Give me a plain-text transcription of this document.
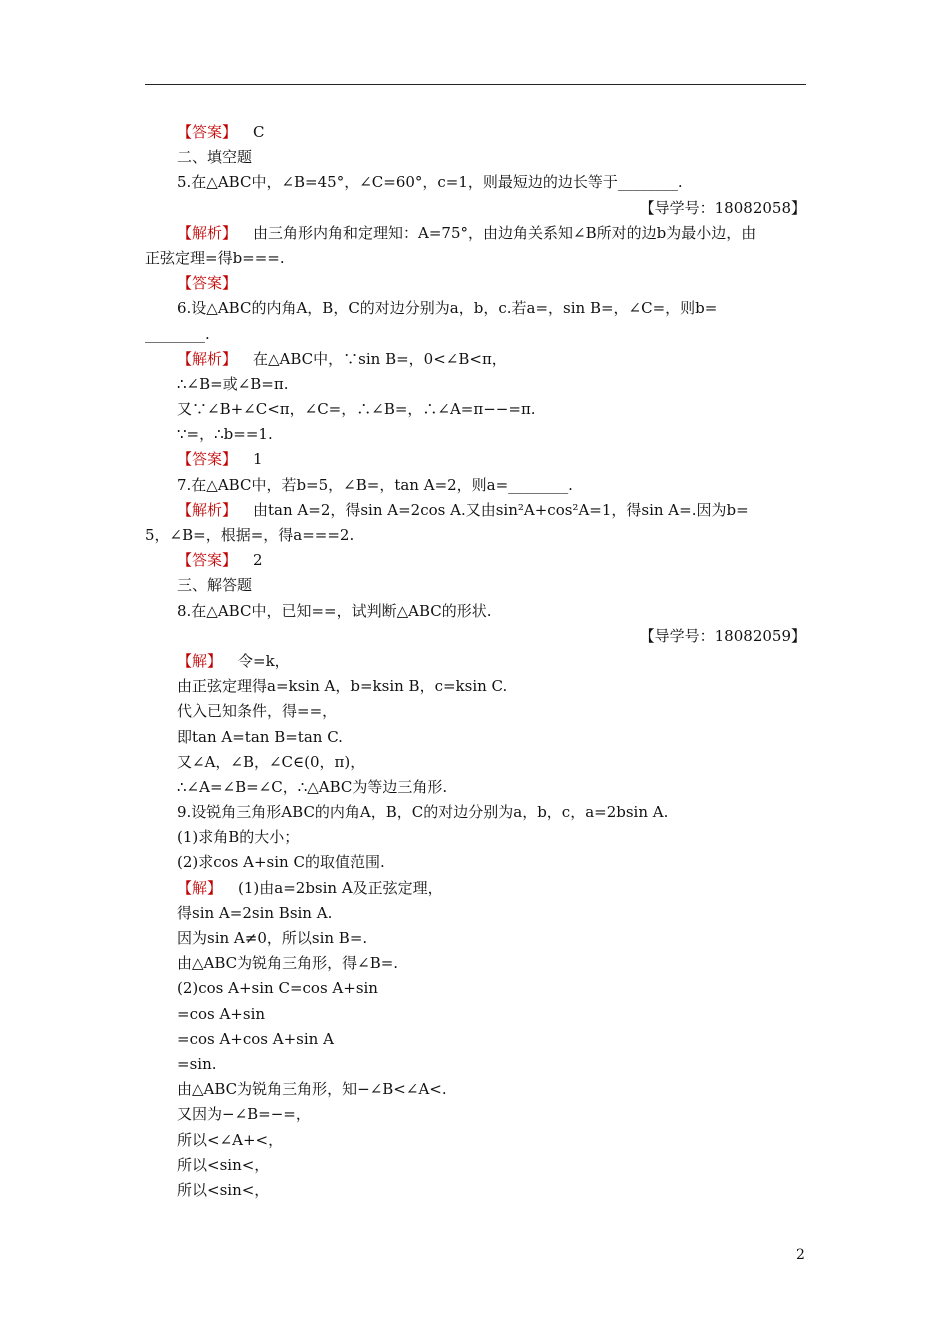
【答案】 C
二、填空题
5.在△ABC中，∠B=45°，∠C=60°，c=1，则最短边的边长等于________.
【导学号：18082058】
【解析】 由三角形内角和定理知：A=75°，由边角关系知∠B所对的边b为最小边，由
正弦定理=得b===.
【答案】
6.设△ABC的内角A，B，C的对边分别为a，b，c.若a=，sin B=，∠C=，则b=
________.
【解析】 在△ABC中，∵sin B=，0<∠B<π，
∴∠B=或∠B=π.
又∵∠B+∠C<π，∠C=，∴∠B=，∴∠A=π−−=π.
∵=，∴b==1.
【答案】 1
7.在△ABC中，若b=5，∠B=，tan A=2，则a=________.
【解析】 由tan A=2，得sin A=2cos A.又由sin²A+cos²A=1，得sin A=.因为b=
5，∠B=，根据=，得a===2.
【答案】 2
三、解答题
8.在△ABC中，已知==，试判断△ABC的形状.
【导学号：18082059】
【解】 令=k，
由正弦定理得a=ksin A，b=ksin B，c=ksin C.
代入已知条件，得==，
即tan A=tan B=tan C.
又∠A，∠B，∠C∈(0，π)，
∴∠A=∠B=∠C，∴△ABC为等边三角形.
9.设锐角三角形ABC的内角A，B，C的对边分别为a，b，c，a=2bsin A.
(1)求角B的大小；
(2)求cos A+sin C的取值范围.
【解】 (1)由a=2bsin A及正弦定理，
得sin A=2sin Bsin A.
因为sin A≠0，所以sin B=.
由△ABC为锐角三角形，得∠B=.
(2)cos A+sin C=cos A+sin
=cos A+sin
=cos A+cos A+sin A
=sin.
由△ABC为锐角三角形，知−∠B<∠A<.
又因为−∠B=−=，
所以<∠A+<，
所以<sin<，
所以<sin<，
2
